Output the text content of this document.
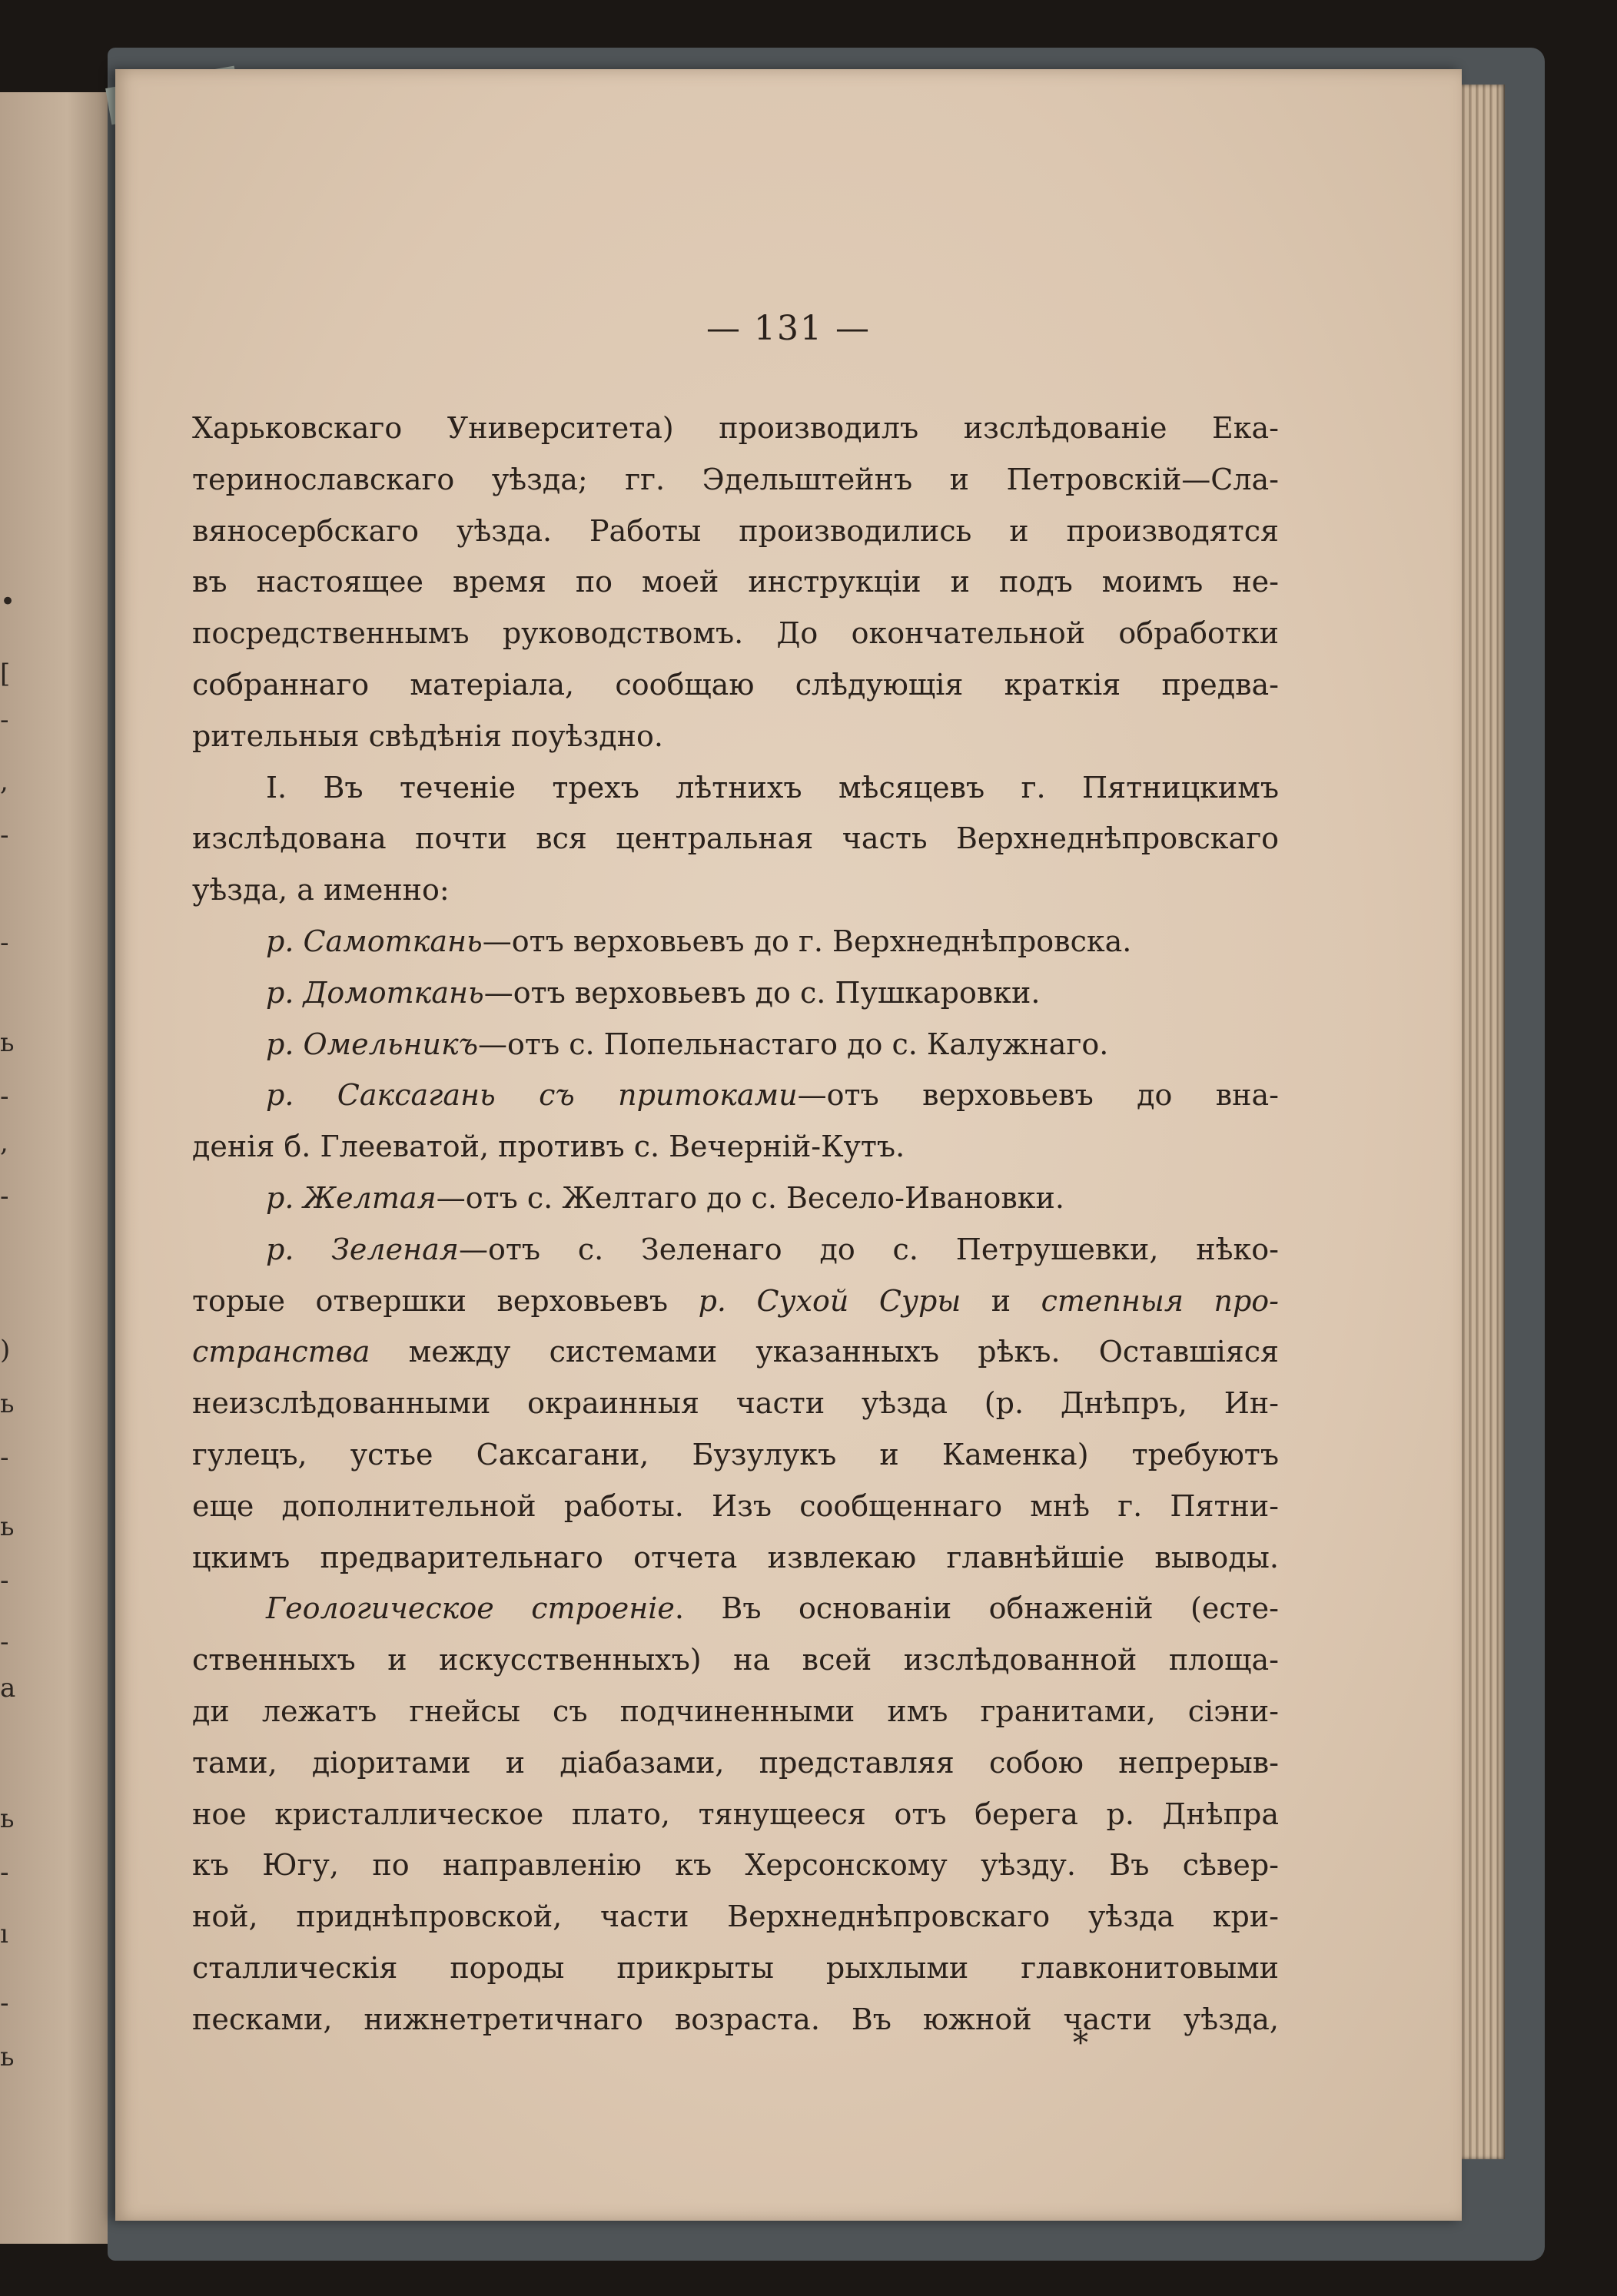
•
[
-
,
-
-
ь
-
,
-
)
ь
-
ь
-
-
a
ь
-
ı
-
ь
— 131 —
Харьковскаго Университета) производилъ изслѣдованіе Ека-
теринославскаго уѣзда; гг. Эдельштейнъ и Петровскій—Сла-
вяносербскаго уѣзда. Работы производились и производятся
въ настоящее время по моей инструкціи и подъ моимъ не-
посредственнымъ руководствомъ. До окончательной обработки
собраннаго матеріала, сообщаю слѣдующія краткія предва-
рительныя свѣдѣнія поуѣздно.
I. Въ теченіе трехъ лѣтнихъ мѣсяцевъ г. Пятницкимъ
изслѣдована почти вся центральная часть Верхнеднѣпровскаго
уѣзда, а именно:
р. Самоткань—отъ верховьевъ до г. Верхнеднѣпровска.
р. Домоткань—отъ верховьевъ до с. Пушкаровки.
р. Омельникъ—отъ с. Попельнастаго до с. Калужнаго.
р. Саксагань съ притоками—отъ верховьевъ до вна-
денія б. Глееватой, противъ с. Вечерній-Кутъ.
р. Желтая—отъ с. Желтаго до с. Весело-Ивановки.
р. Зеленая—отъ с. Зеленаго до с. Петрушевки, нѣко-
торые отвершки верховьевъ р. Сухой Суры и степныя про-
странства между системами указанныхъ рѣкъ. Оставшіяся
неизслѣдованными окраинныя части уѣзда (р. Днѣпръ, Ин-
гулецъ, устье Саксагани, Бузулукъ и Каменка) требуютъ
еще дополнительной работы. Изъ сообщеннаго мнѣ г. Пятни-
цкимъ предварительнаго отчета извлекаю главнѣйшіе выводы.
Геологическое строеніе. Въ основаніи обнаженій (есте-
ственныхъ и искусственныхъ) на всей изслѣдованной площа-
ди лежатъ гнейсы съ подчиненными имъ гранитами, сіэни-
тами, діоритами и діабазами, представляя собою непрерыв-
ное кристаллическое плато, тянущееся отъ берега р. Днѣпра
къ Югу, по направленію къ Херсонскому уѣзду. Въ сѣвер-
ной, приднѣпровской, части Верхнеднѣпровскаго уѣзда кри-
сталлическія породы прикрыты рыхлыми главконитовыми
песками, нижнетретичнаго возраста. Въ южной части уѣзда,
*
